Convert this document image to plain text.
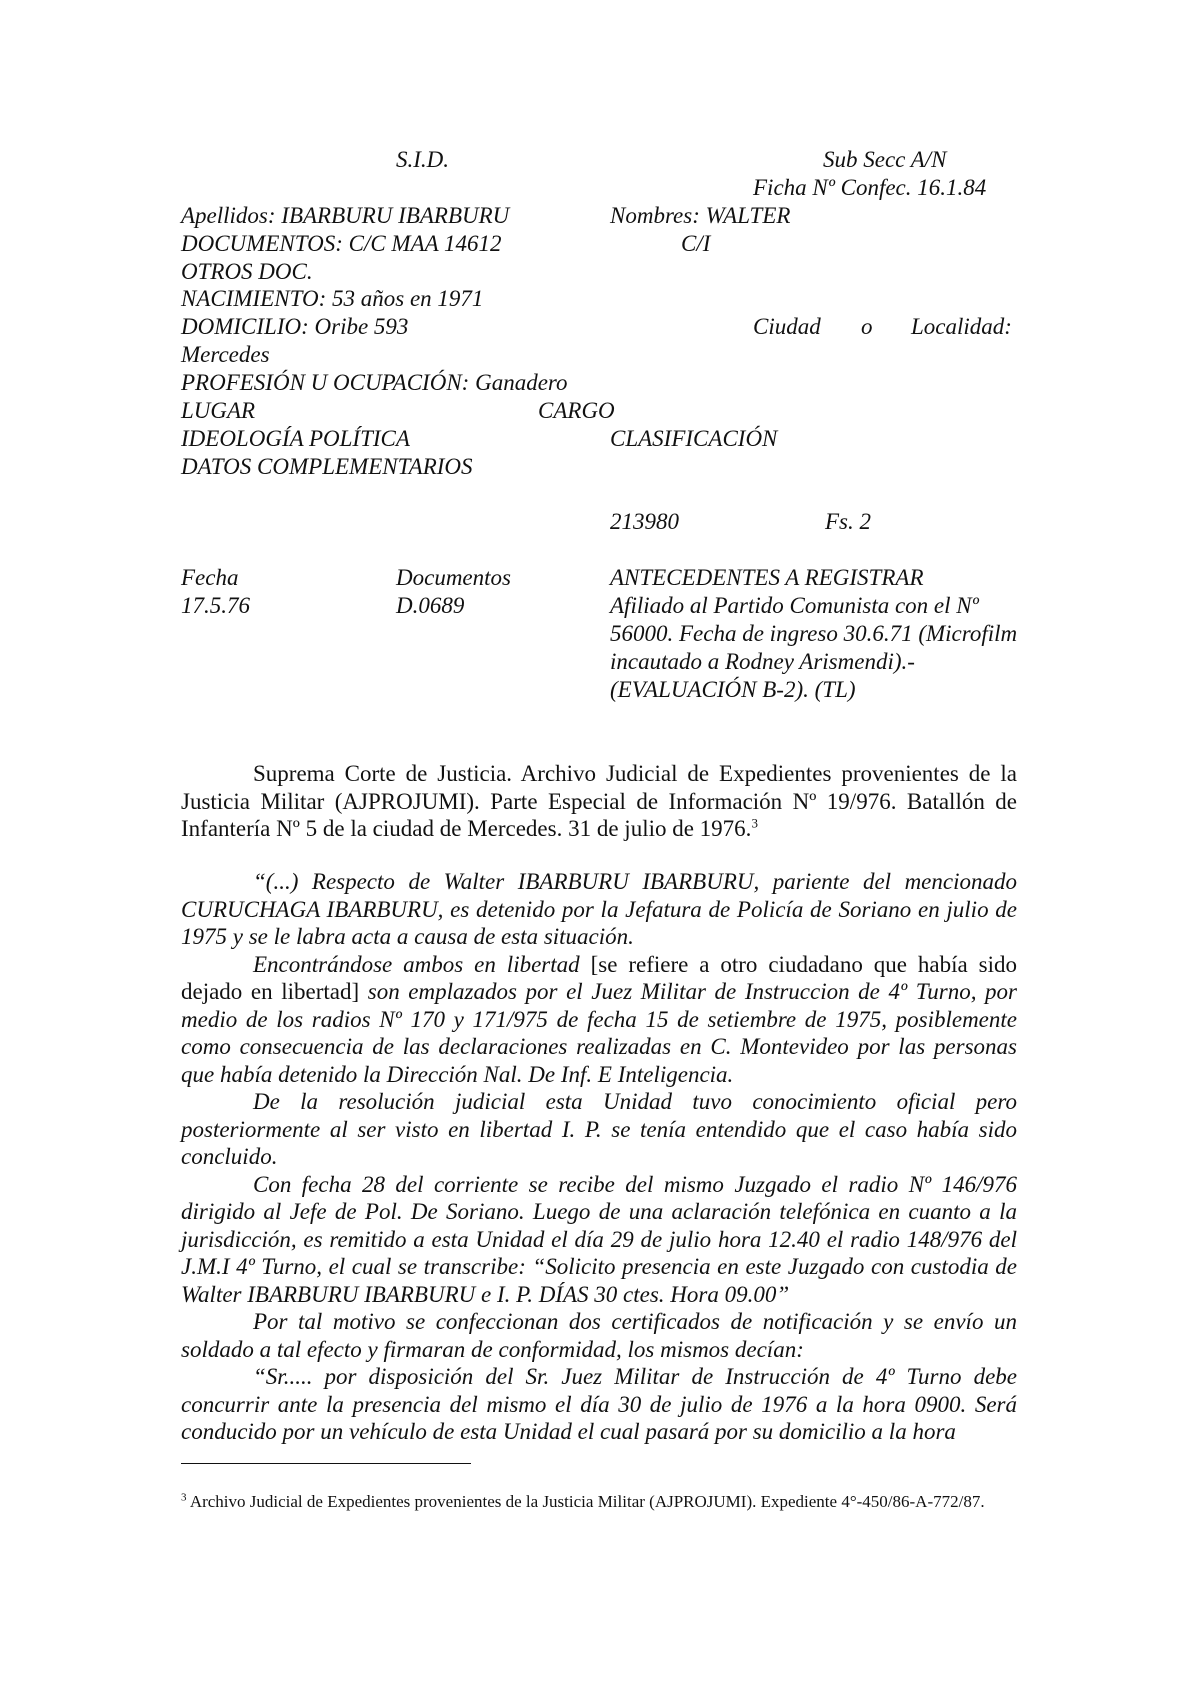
S.I.D.	Sub Secc A/N
Ficha Nº Confec. 16.1.84
Apellidos: IBARBURU IBARBURU	Nombres: WALTER
DOCUMENTOS: C/C MAA 14612	C/I
OTROS DOC.
NACIMIENTO: 53 años en 1971
DOMICILIO: Oribe 593	Ciudad o Localidad:
Mercedes
PROFESIÓN U OCUPACIÓN: Ganadero
LUGAR	CARGO
IDEOLOGÍA POLÍTICA	CLASIFICACIÓN
DATOS COMPLEMENTARIOS
213980	Fs. 2
Fecha	Documentos	ANTECEDENTES A REGISTRAR
17.5.76	D.0689	Afiliado al Partido Comunista con el Nº 56000. Fecha de ingreso 30.6.71 (Microfilm incautado a Rodney Arismendi).- (EVALUACIÓN B-2). (TL)
Suprema Corte de Justicia. Archivo Judicial de Expedientes provenientes de la Justicia Militar (AJPROJUMI). Parte Especial de Información Nº 19/976. Batallón de Infantería Nº 5 de la ciudad de Mercedes. 31 de julio de 1976.$^3$
“(...) Respecto de Walter IBARBURU IBARBURU, pariente del mencionado CURUCHAGA IBARBURU, es detenido por la Jefatura de Policía de Soriano en julio de 1975 y se le labra acta a causa de esta situación.
Encontrándose ambos en libertad [se refiere a otro ciudadano que había sido dejado en libertad] son emplazados por el Juez Militar de Instruccion de 4º Turno, por medio de los radios Nº 170 y 171/975 de fecha 15 de setiembre de 1975, posiblemente como consecuencia de las declaraciones realizadas en C. Montevideo por las personas que había detenido la Dirección Nal. De Inf. E Inteligencia.
De la resolución judicial esta Unidad tuvo conocimiento oficial pero posteriormente al ser visto en libertad I. P. se tenía entendido que el caso había sido concluido.
Con fecha 28 del corriente se recibe del mismo Juzgado el radio Nº 146/976 dirigido al Jefe de Pol. De Soriano. Luego de una aclaración telefónica en cuanto a la jurisdicción, es remitido a esta Unidad el día 29 de julio hora 12.40 el radio 148/976 del J.M.I 4º Turno, el cual se transcribe: “Solicito presencia en este Juzgado con custodia de Walter IBARBURU IBARBURU e I. P. DÍAS 30 ctes. Hora 09.00”
Por tal motivo se confeccionan dos certificados de notificación y se envío un soldado a tal efecto y firmaran de conformidad, los mismos decían:
“Sr..... por disposición del Sr. Juez Militar de Instrucción de 4º Turno debe concurrir ante la presencia del mismo el día 30 de julio de 1976 a la hora 0900. Será conducido por un vehículo de esta Unidad el cual pasará por su domicilio a la hora
$^3$ Archivo Judicial de Expedientes provenientes de la Justicia Militar (AJPROJUMI). Expediente 4°-450/86-A-772/87.
